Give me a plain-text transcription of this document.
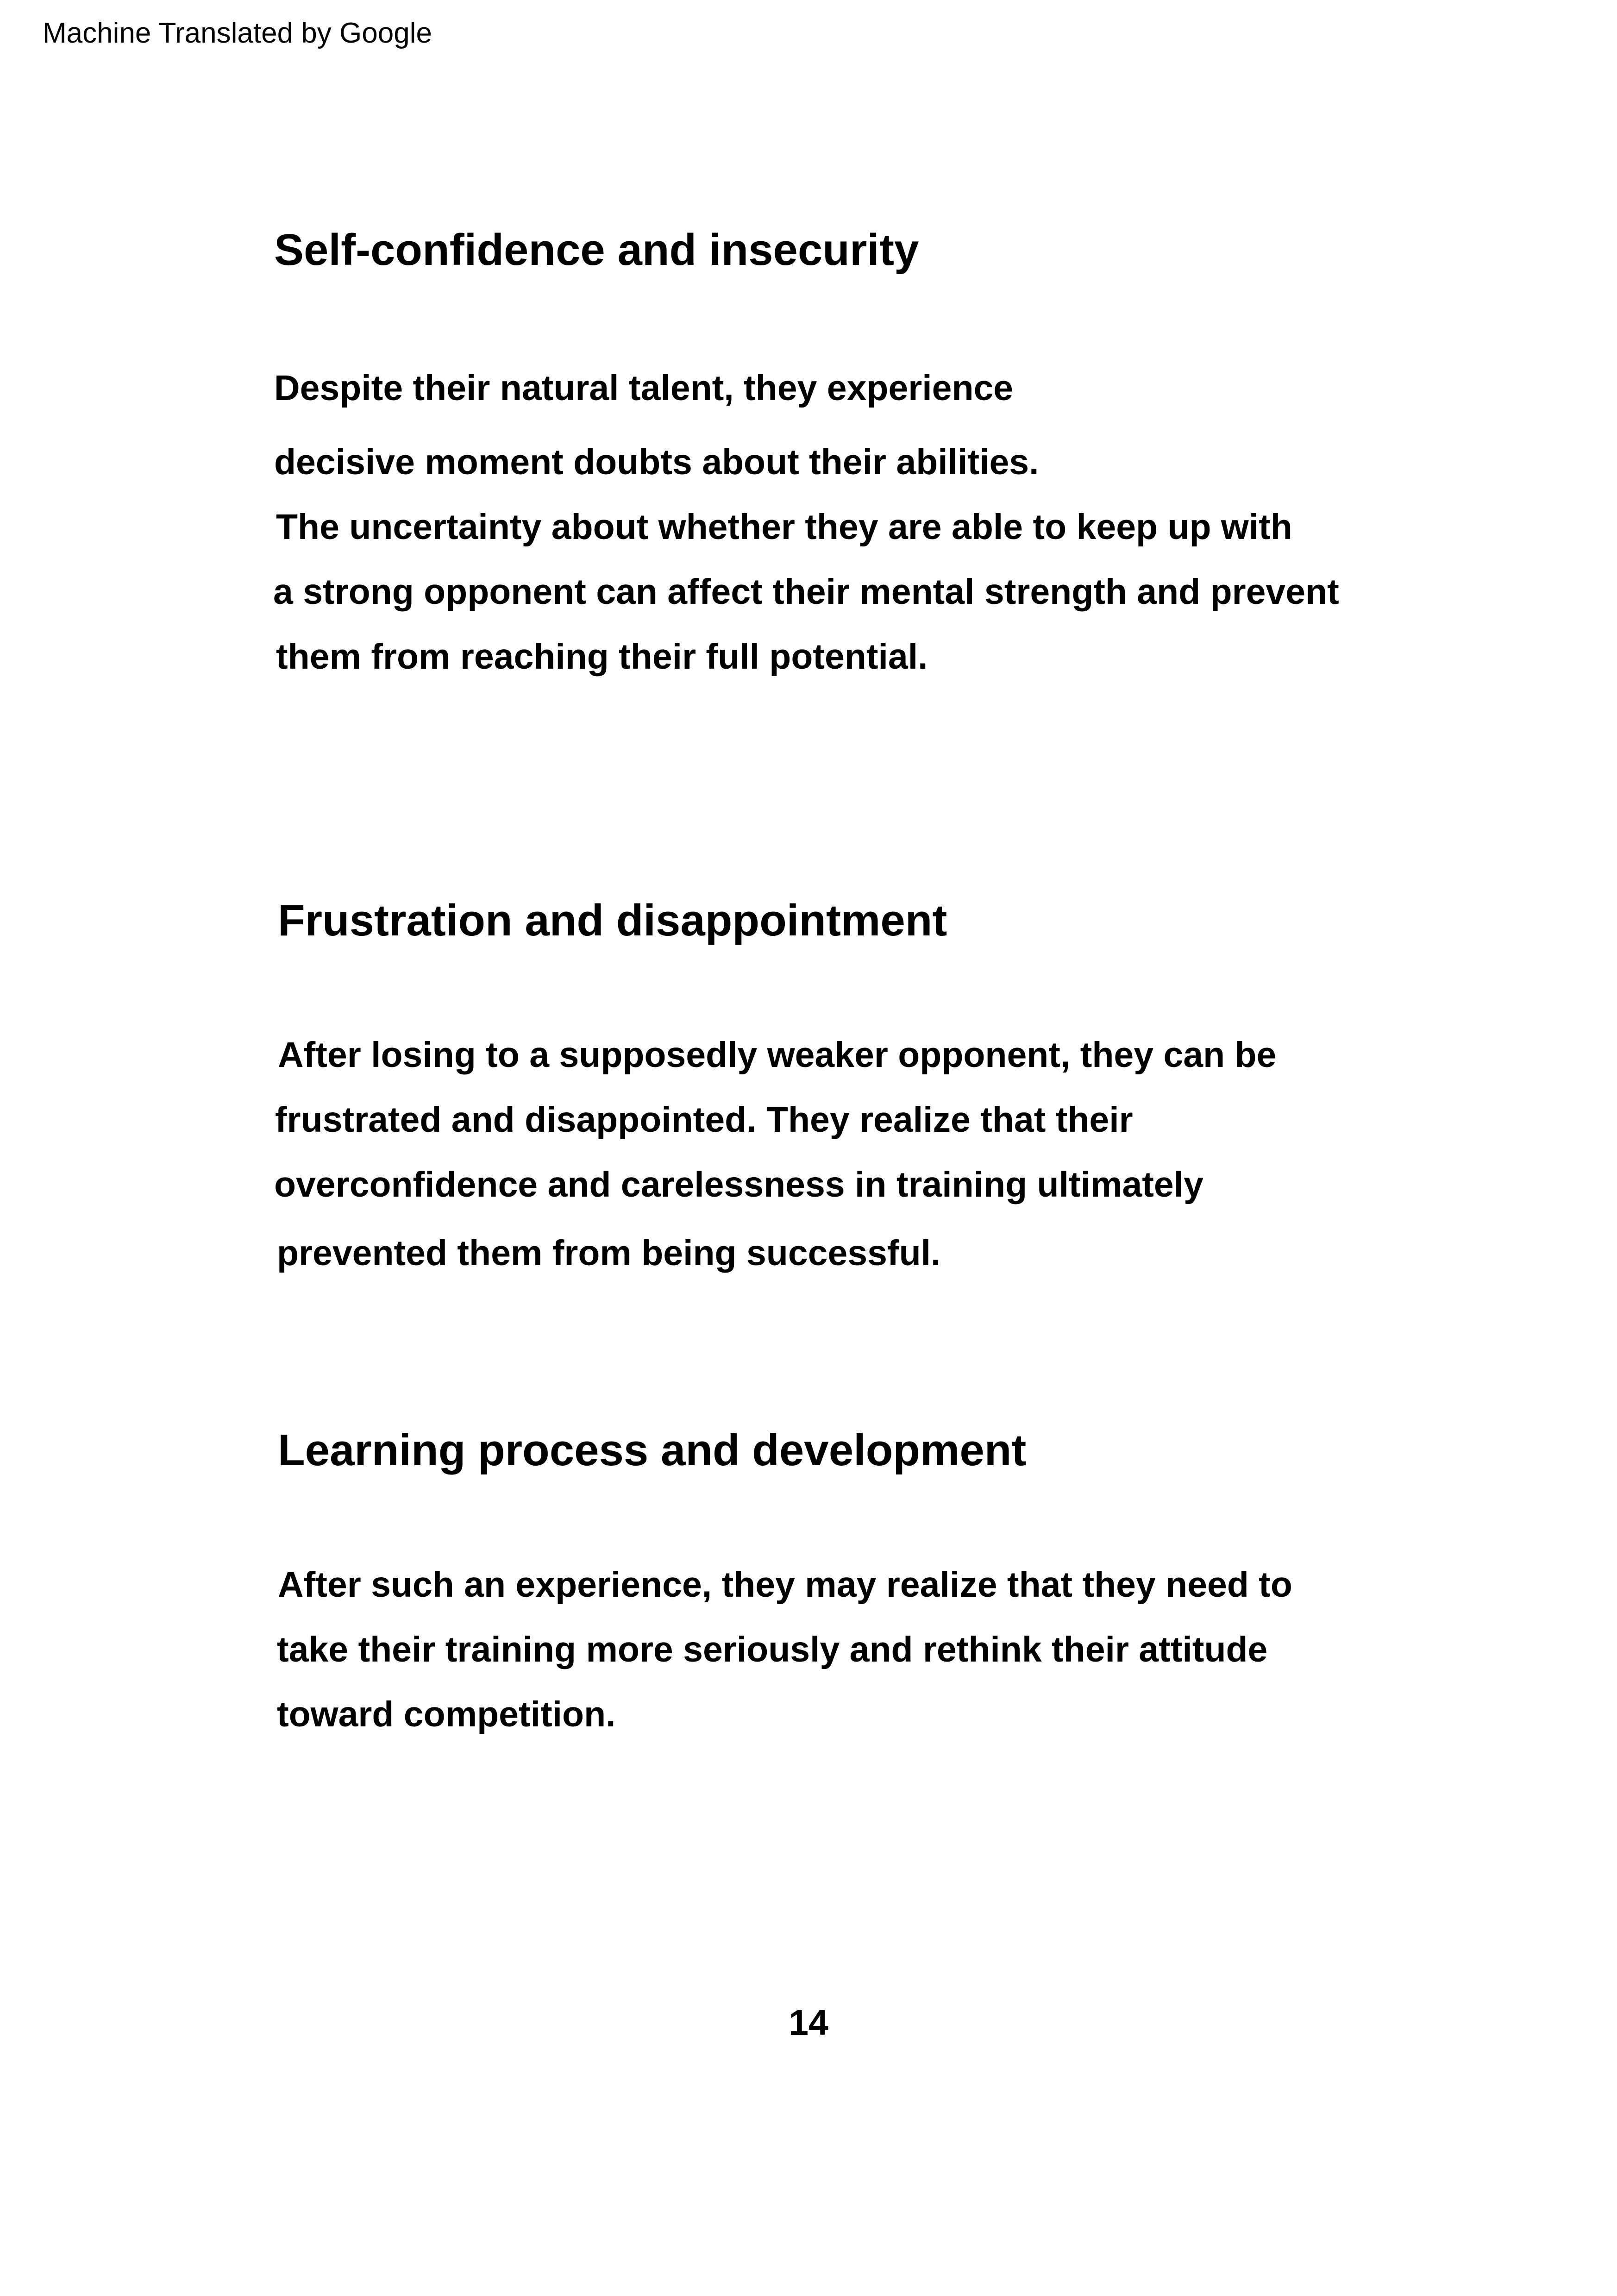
Machine Translated by Google
Self-confidence and insecurity
Despite their natural talent, they experience
decisive moment doubts about their abilities.
The uncertainty about whether they are able to keep up with
a strong opponent can affect their mental strength and prevent
them from reaching their full potential.
Frustration and disappointment
After losing to a supposedly weaker opponent, they can be
frustrated and disappointed. They realize that their
overconfidence and carelessness in training ultimately
prevented them from being successful.
Learning process and development
After such an experience, they may realize that they need to
take their training more seriously and rethink their attitude
toward competition.
14
